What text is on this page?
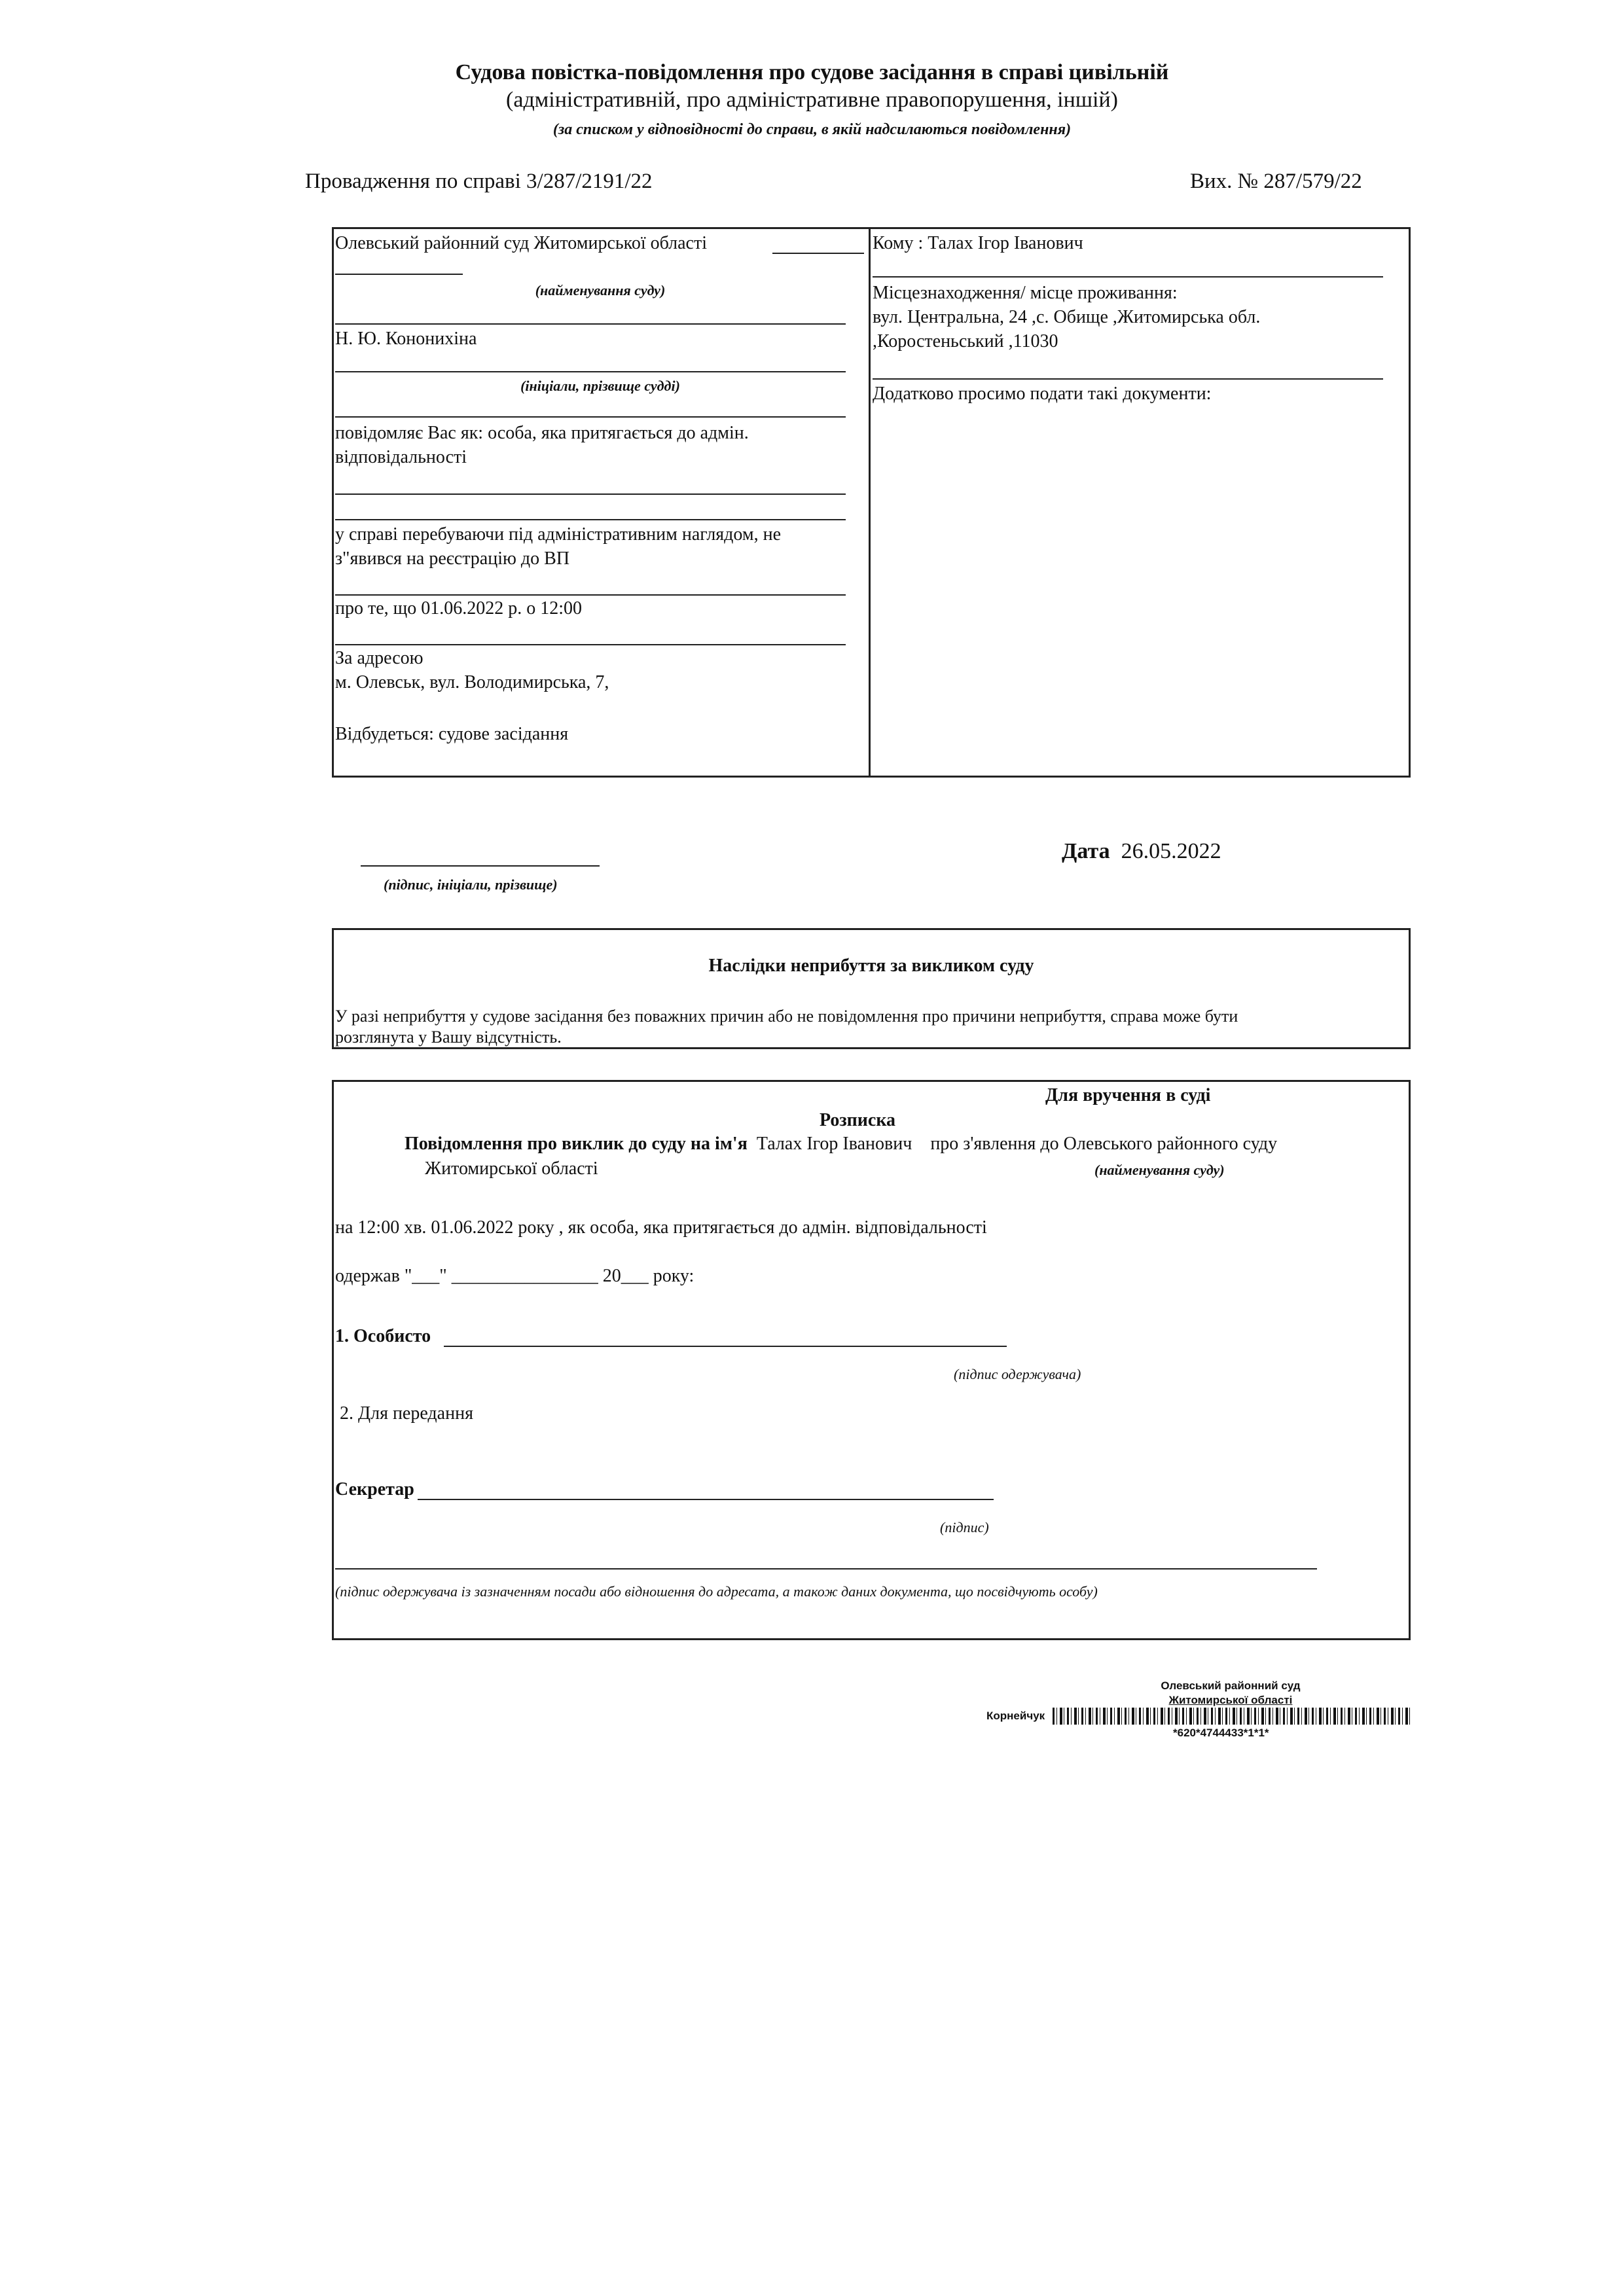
Судова повістка-повідомлення про судове засідання в справі цивільній
(адміністративній, про адміністративне правопорушення, іншій)
(за списком у відповідності до справи, в якій надсилаються повідомлення)
Провадження по справі 3/287/2191/22	Вих. № 287/579/22
Олевський районний суд Житомирської області
(найменування суду)
Н. Ю. Кононихіна
(ініціали, прізвище судді)
повідомляє Вас як: особа, яка притягається до адмін.
відповідальності
у справі перебуваючи під адміністративним наглядом, не
з"явився на реєстрацію до ВП
про те, що 01.06.2022 р. о 12:00
За адресою
м. Олевськ, вул. Володимирська, 7,
Відбудеться: судове засідання
Кому : Талах Ігор Іванович
Місцезнаходження/ місце проживання:
вул. Центральна, 24 ,с. Обище ,Житомирська обл.
,Коростеньський ,11030
Додатково просимо подати такі документи:
(підпис, ініціали, прізвище)
Дата 26.05.2022
Наслідки неприбуття за викликом суду
У разі неприбуття у судове засідання без поважних причин або не повідомлення про причини неприбуття, справа може бути
розглянута у Вашу відсутність.
Для вручення в суді
Розписка
Повідомлення про виклик до суду на ім'я Талах Ігор Іванович про з'явлення до Олевського районного суду
Житомирської області	(найменування суду)
на 12:00 хв. 01.06.2022 року , як особа, яка притягається до адмін. відповідальності
одержав "___" ________________ 20___ року:
1. Особисто
(підпис одержувача)
2. Для передання
Секретар
(підпис)
(підпис одержувача із зазначенням посади або відношення до адресата, а також даних документа, що посвідчують особу)
Олевський районний суд
Житомирської області
Корнейчук
*620*4744433*1*1*
